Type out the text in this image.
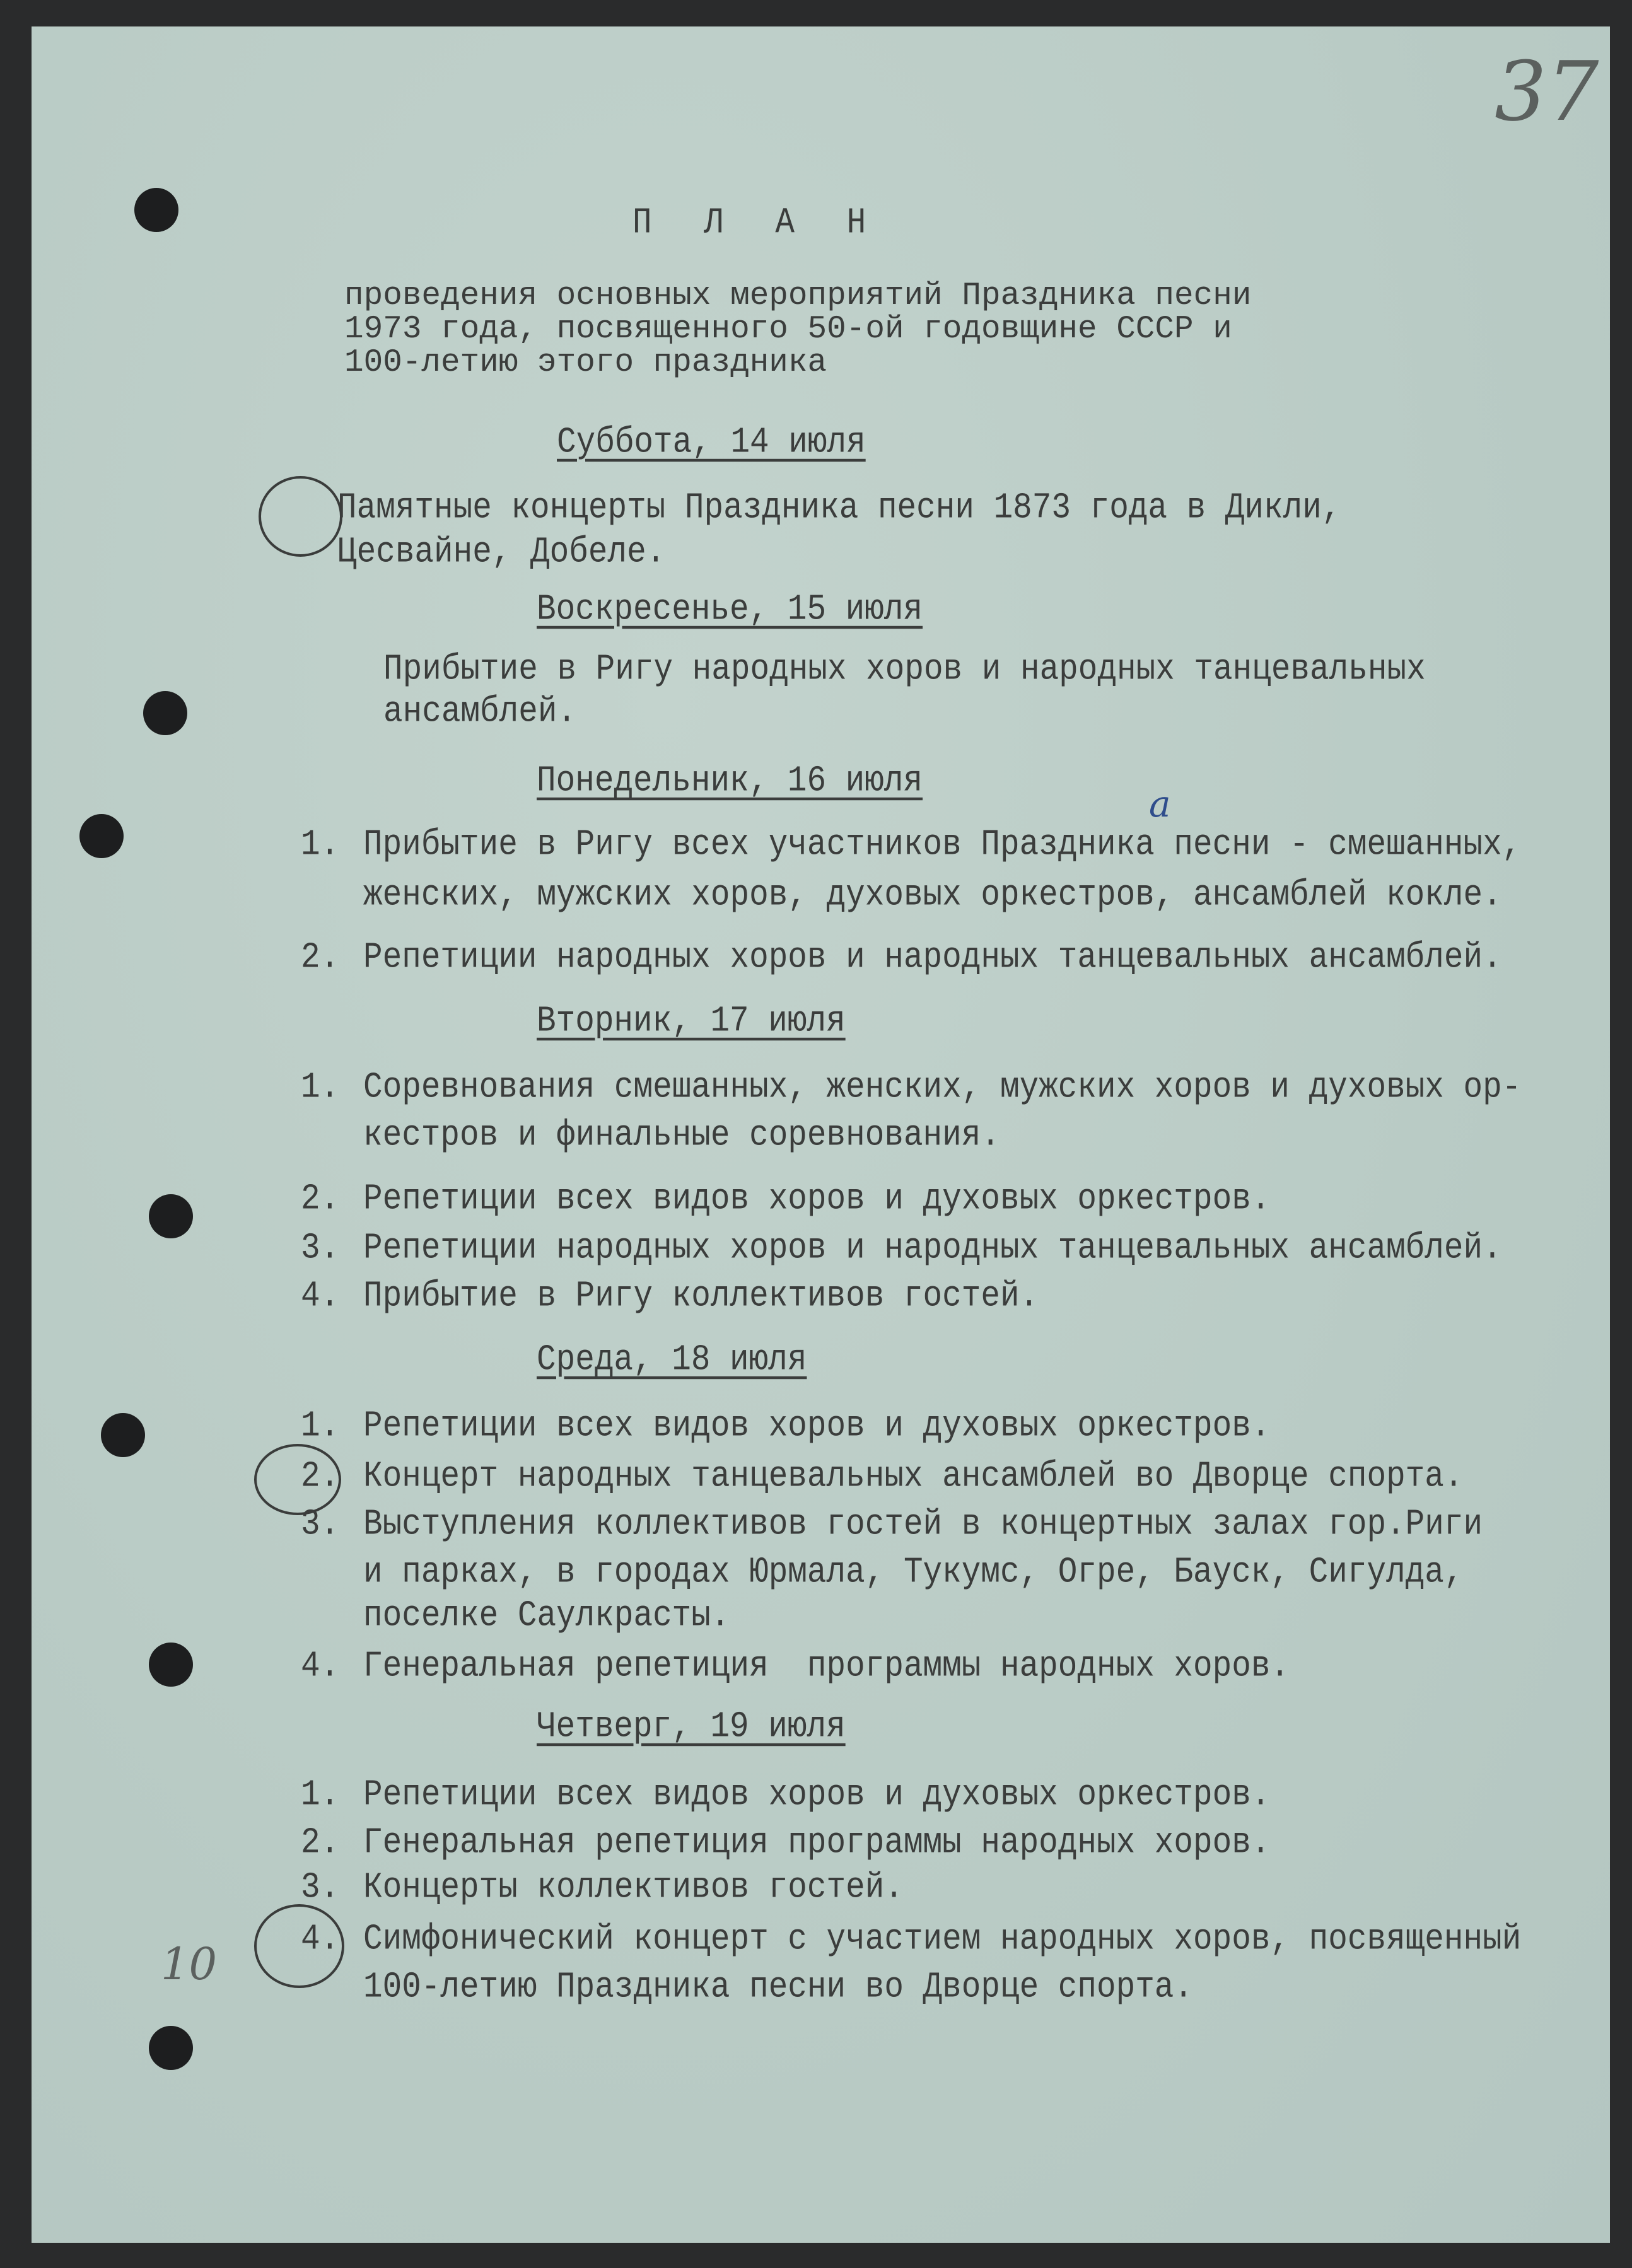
37
10
a
П Л А Н
проведения основных мероприятий Праздника песни
1973 года, посвященного 50-ой годовщине СССР и
100-летию этого праздника
Суббота, 14 июля
Памятные концерты Праздника песни 1873 года в Дикли,
Цесвайне, Добеле.
Воскресенье, 15 июля
Прибытие в Ригу народных хоров и народных танцевальных
ансамблей.
Понедельник, 16 июля
1. Прибытие в Ригу всех участников Праздника песни - смешанных,
женских, мужских хоров, духовых оркестров, ансамблей кокле.
2. Репетиции народных хоров и народных танцевальных ансамблей.
Вторник, 17 июля
1. Соревнования смешанных, женских, мужских хоров и духовых ор-
кестров и финальные соревнования.
2. Репетиции всех видов хоров и духовых оркестров.
3. Репетиции народных хоров и народных танцевальных ансамблей.
4. Прибытие в Ригу коллективов гостей.
Среда, 18 июля
1. Репетиции всех видов хоров и духовых оркестров.
2. Концерт народных танцевальных ансамблей во Дворце спорта.
3. Выступления коллективов гостей в концертных залах гор.Риги
и парках, в городах Юрмала, Тукумс, Огре, Бауск, Сигулда,
поселке Саулкрасты.
4. Генеральная репетиция  программы народных хоров.
Четверг, 19 июля
1. Репетиции всех видов хоров и духовых оркестров.
2. Генеральная репетиция программы народных хоров.
3. Концерты коллективов гостей.
4. Симфонический концерт с участием народных хоров, посвященный
100-летию Праздника песни во Дворце спорта.
